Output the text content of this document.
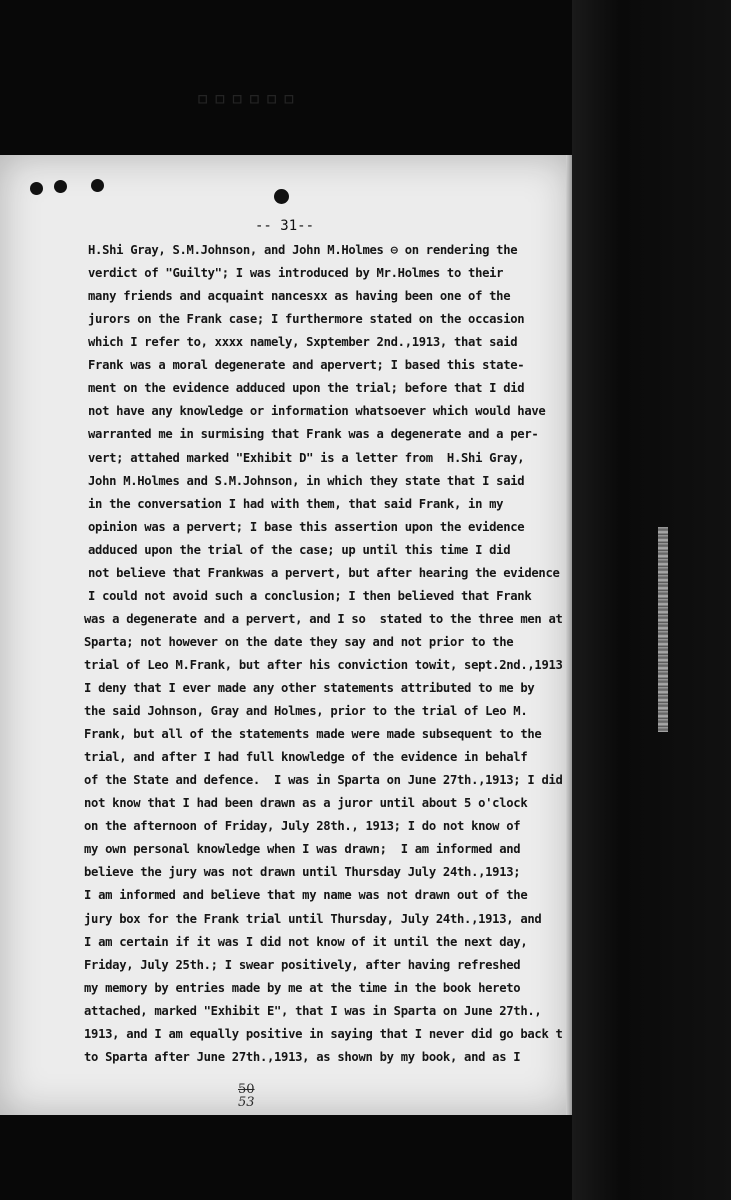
▫▫▫▫▫▫
-- 31--
H.Shi Gray, S.M.Johnson, and John M.Holmes ⊖ on rendering the
verdict of "Guilty"; I was introduced by Mr.Holmes to their
many friends and acquaint nancesxx as having been one of the
jurors on the Frank case; I furthermore stated on the occasion
which I refer to, xxxx namely, Sxptember 2nd.,1913, that said
Frank was a moral degenerate and apervert; I based this state-
ment on the evidence adduced upon the trial; before that I did
not have any knowledge or information whatsoever which would have
warranted me in surmising that Frank was a degenerate and a per-
vert; attahed marked "Exhibit D" is a letter from  H.Shi Gray,
John M.Holmes and S.M.Johnson, in which they state that I said
in the conversation I had with them, that said Frank, in my
opinion was a pervert; I base this assertion upon the evidence
adduced upon the trial of the case; up until this time I did
not believe that Frankwas a pervert, but after hearing the evidence
I could not avoid such a conclusion; I then believed that Frank
was a degenerate and a pervert, and I so  stated to the three men at
Sparta; not however on the date they say and not prior to the
trial of Leo M.Frank, but after his conviction towit, sept.2nd.,1913
I deny that I ever made any other statements attributed to me by
the said Johnson, Gray and Holmes, prior to the trial of Leo M.
Frank, but all of the statements made were made subsequent to the
trial, and after I had full knowledge of the evidence in behalf
of the State and defence.  I was in Sparta on June 27th.,1913; I did
not know that I had been drawn as a juror until about 5 o'clock
on the afternoon of Friday, July 28th., 1913; I do not know of
my own personal knowledge when I was drawn;  I am informed and
believe the jury was not drawn until Thursday July 24th.,1913;
I am informed and believe that my name was not drawn out of the
jury box for the Frank trial until Thursday, July 24th.,1913, and
I am certain if it was I did not know of it until the next day,
Friday, July 25th.; I swear positively, after having refreshed
my memory by entries made by me at the time in the book hereto
attached, marked "Exhibit E", that I was in Sparta on June 27th.,
1913, and I am equally positive in saying that I never did go back t
to Sparta after June 27th.,1913, as shown by my book, and as I
50
53
